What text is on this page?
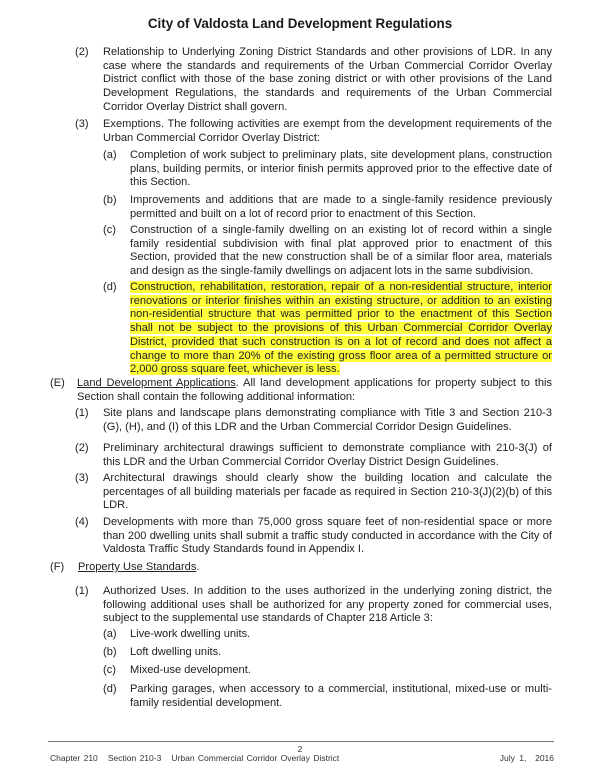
City of Valdosta Land Development Regulations
(2) Relationship to Underlying Zoning District Standards and other provisions of LDR. In any case where the standards and requirements of the Urban Commercial Corridor Overlay District conflict with those of the base zoning district or with other provisions of the Land Development Regulations, the standards and requirements of the Urban Commercial Corridor Overlay District shall govern.
(3) Exemptions. The following activities are exempt from the development requirements of the Urban Commercial Corridor Overlay District:
(a) Completion of work subject to preliminary plats, site development plans, construction plans, building permits, or interior finish permits approved prior to the effective date of this Section.
(b) Improvements and additions that are made to a single-family residence previously permitted and built on a lot of record prior to enactment of this Section.
(c) Construction of a single-family dwelling on an existing lot of record within a single family residential subdivision with final plat approved prior to enactment of this Section, provided that the new construction shall be of a similar floor area, materials and design as the single-family dwellings on adjacent lots in the same subdivision.
(d) Construction, rehabilitation, restoration, repair of a non-residential structure, interior renovations or interior finishes within an existing structure, or addition to an existing non-residential structure that was permitted prior to the enactment of this Section shall not be subject to the provisions of this Urban Commercial Corridor Overlay District, provided that such construction is on a lot of record and does not affect a change to more than 20% of the existing gross floor area of a permitted structure or 2,000 gross square feet, whichever is less.
(E) Land Development Applications. All land development applications for property subject to this Section shall contain the following additional information:
(1) Site plans and landscape plans demonstrating compliance with Title 3 and Section 210-3 (G), (H), and (I) of this LDR and the Urban Commercial Corridor Design Guidelines.
(2) Preliminary architectural drawings sufficient to demonstrate compliance with 210-3(J) of this LDR and the Urban Commercial Corridor Overlay District Design Guidelines.
(3) Architectural drawings should clearly show the building location and calculate the percentages of all building materials per facade as required in Section 210-3(J)(2)(b) of this LDR.
(4) Developments with more than 75,000 gross square feet of non-residential space or more than 200 dwelling units shall submit a traffic study conducted in accordance with the City of Valdosta Traffic Study Standards found in Appendix I.
(F) Property Use Standards.
(1) Authorized Uses. In addition to the uses authorized in the underlying zoning district, the following additional uses shall be authorized for any property zoned for commercial uses, subject to the supplemental use standards of Chapter 218 Article 3:
(a) Live-work dwelling units.
(b) Loft dwelling units.
(c) Mixed-use development.
(d) Parking garages, when accessory to a commercial, institutional, mixed-use or multi-family residential development.
2
Chapter 210   Section 210-3   Urban Commercial Corridor Overlay District	July 1,  2016
